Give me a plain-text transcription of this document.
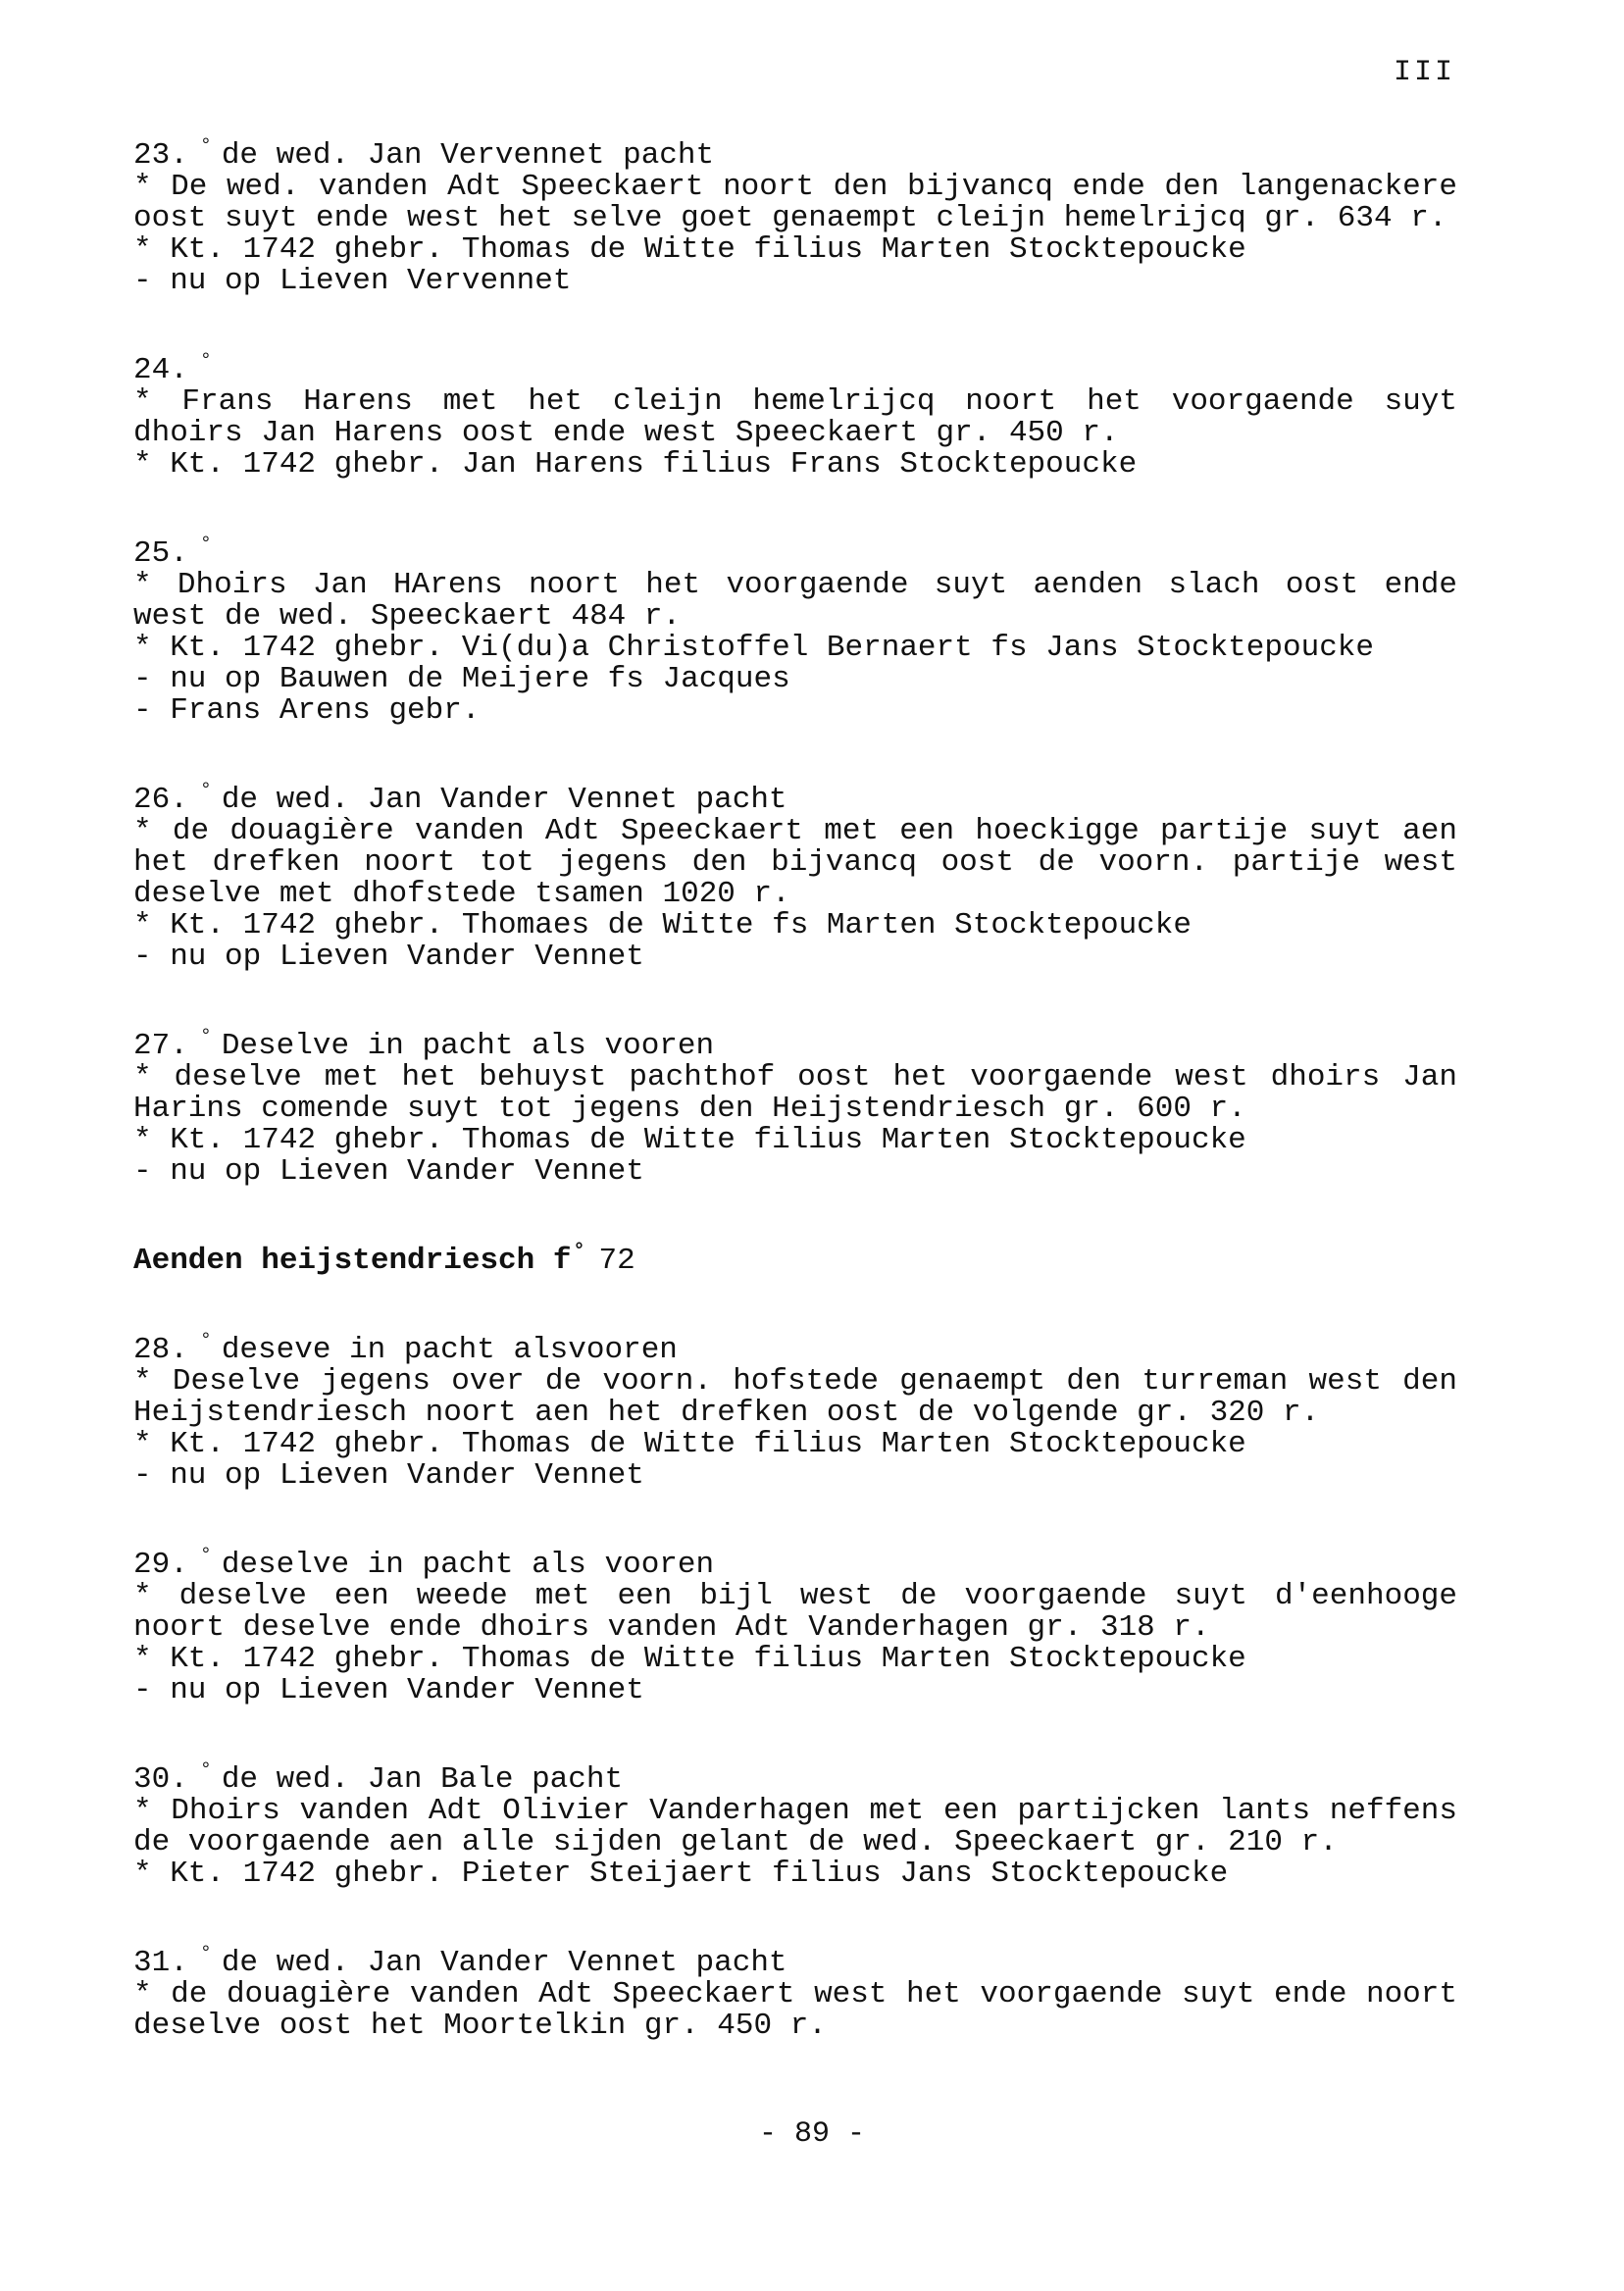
III
23. ° de wed. Jan Vervennet pacht
* De wed. vanden Adt Speeckaert noort den bijvancq ende den langenackere oost suyt ende west het selve goet genaempt cleijn hemelrijcq gr. 634 r.
* Kt. 1742 ghebr. Thomas de Witte filius Marten Stocktepoucke
- nu op Lieven Vervennet
24. °
* Frans Harens met het cleijn hemelrijcq noort het voorgaende suyt dhoirs Jan Harens oost ende west Speeckaert gr. 450 r.
* Kt. 1742 ghebr. Jan Harens filius Frans Stocktepoucke
25. °
* Dhoirs Jan HArens noort het voorgaende suyt aenden slach oost ende west de wed. Speeckaert 484 r.
* Kt. 1742 ghebr. Vi(du)a Christoffel Bernaert fs Jans Stocktepoucke
- nu op Bauwen de Meijere fs Jacques
- Frans Arens gebr.
26. ° de wed. Jan Vander Vennet pacht
* de douagière vanden Adt Speeckaert met een hoeckigge partije suyt aen het drefken noort tot jegens den bijvancq oost de voorn. partije west deselve met dhofstede tsamen 1020 r.
* Kt. 1742 ghebr. Thomaes de Witte fs Marten Stocktepoucke
- nu op Lieven Vander Vennet
27. ° Deselve in pacht als vooren
* deselve met het behuyst pachthof oost het voorgaende west dhoirs Jan Harins comende suyt tot jegens den Heijstendriesch gr. 600 r.
* Kt. 1742 ghebr. Thomas de Witte filius Marten Stocktepoucke
- nu op Lieven Vander Vennet
Aenden heijstendriesch f ° 72
28. ° deseve in pacht alsvooren
* Deselve jegens over de voorn. hofstede genaempt den turreman west den Heijstendriesch noort aen het drefken oost de volgende gr. 320 r.
* Kt. 1742 ghebr. Thomas de Witte filius Marten Stocktepoucke
- nu op Lieven Vander Vennet
29. ° deselve in pacht als vooren
* deselve een weede met een bijl west de voorgaende suyt d'eenhooge noort deselve ende dhoirs vanden Adt Vanderhagen gr. 318 r.
* Kt. 1742 ghebr. Thomas de Witte filius Marten Stocktepoucke
- nu op Lieven Vander Vennet
30. ° de wed. Jan Bale pacht
* Dhoirs vanden Adt Olivier Vanderhagen met een partijcken lants neffens de voorgaende aen alle sijden gelant de wed. Speeckaert gr. 210 r.
* Kt. 1742 ghebr. Pieter Steijaert filius Jans Stocktepoucke
31. ° de wed. Jan Vander Vennet pacht
* de douagière vanden Adt Speeckaert west het voorgaende suyt ende noort deselve oost het Moortelkin gr. 450 r.
- 89 -
